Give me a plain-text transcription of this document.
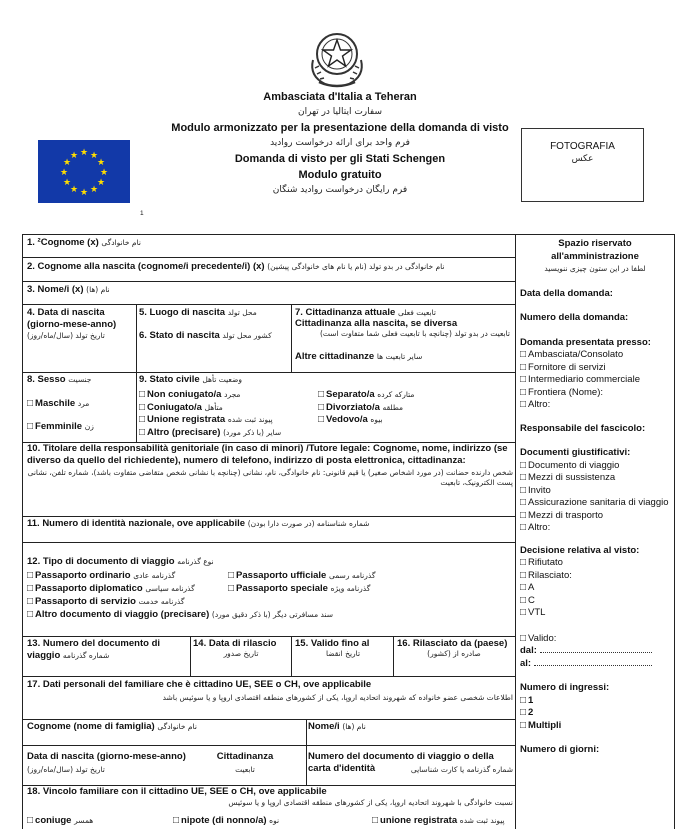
Ambasciata d'Italia a Teheran
سفارت ایتالیا در تهران
Modulo armonizzato per la presentazione della domanda di visto
فرم واحد برای ارائه درخواست روادید
Domanda di visto per gli Stati Schengen
Modulo gratuito
فرم رایگان درخواست روادید شنگان
1
★ ★
★
★
★
★
★
★
★
★
★
★
FOTOGRAFIA
عکس
1. ²Cognome (x) نام خانوادگی
2. Cognome alla nascita (cognome/i precedente/i) (x) نام خانوادگی در بدو تولد (نام یا نام های خانوادگی پیشین)
3. Nome/i (x) نام (ها)
4. Data di nascita (giorno-mese-anno)
تاریخ تولد (سال/ماه/روز)
5. Luogo di nascita محل تولد
6. Stato di nascita کشور محل تولد
7. Cittadinanza attuale تابعیت فعلی
Cittadinanza alla nascita, se diversa
تابعیت در بدو تولد (چنانچه با تابعیت فعلی شما متفاوت است)
Altre cittadinanze سایر تابعیت ها
8. Sesso جنسیت
□ Maschile مرد
□ Femminile زن
9. Stato civile وضعیت تأهل
□ Non coniugato/a مجرد
□ Coniugato/a متأهل
□ Unione registrata پیوند ثبت شده
□ Altro (precisare) سایر (با ذکر مورد)
□ Separato/a متارکه کرده
□ Divorziato/a مطلقه
□ Vedovo/a بیوه
10. Titolare della responsabilità genitoriale (in caso di minori) /Tutore legale: Cognome, nome, indirizzo (se diverso da quello del richiedente), numero di telefono, indirizzo di posta elettronica, cittadinanza:
شخص دارنده حضانت (در مورد اشخاص صغیر) یا قیم قانونی: نام خانوادگی، نام، نشانی (چنانچه با نشانی شخص متقاضی متفاوت باشد)، شماره تلفن، نشانی پست الکترونیک، تابعیت
11. Numero di identità nazionale, ove applicabile شماره شناسنامه (در صورت دارا بودن)
12. Tipo di documento di viaggio نوع گذرنامه
□ Passaporto ordinario گذرنامه عادی
□ Passaporto diplomatico گذرنامه سیاسی
□ Passaporto di servizio گذرنامه خدمت
□ Altro documento di viaggio (precisare) سند مسافرتی دیگر (با ذکر دقیق مورد)
□ Passaporto ufficiale گذرنامه رسمی
□ Passaporto speciale گذرنامه ویژه
13. Numero del documento di viaggio شماره گذرنامه
14. Data di rilascio
تاریخ صدور
15. Valido fino al
تاریخ انقضا
16. Rilasciato da (paese)
صادره از (کشور)
17. Dati personali del familiare che è cittadino UE, SEE o CH, ove applicabile
اطلاعات شخصی عضو خانواده که شهروند اتحادیه اروپا، یکی از کشورهای منطقه اقتصادی اروپا و یا سوئیس باشد
Cognome (nome di famiglia) نام خانوادگی	Nome/i نام (ها)
Data di nascita (giorno-mese-anno)
تاریخ تولد (سال/ماه/روز)
Cittadinanza
تابعیت
Numero del documento di viaggio o della carta d'identità	شماره گذرنامه یا کارت شناسایی
18. Vincolo familiare con il cittadino UE, SEE o CH, ove applicabile
نسبت خانوادگی با شهروند اتحادیه اروپا، یکی از کشورهای منطقه اقتصادی اروپا و یا سوئیس
□ coniuge همسر	□ nipote (di nonno/a) نوه	□ unione registrata پیوند ثبت شده

Spazio riservato

all'amministrazione

لطفا در این ستون چیزی ننویسید

Data della domanda:

Numero della domanda:

Domanda presentata presso:

□ Ambasciata/Consolato

□ Fornitore di servizi

□ Intermediario commerciale

□ Frontiera (Nome):

□ Altro:

Responsabile del fascicolo:

Documenti giustificativi:

□ Documento di viaggio

□ Mezzi di sussistenza

□ Invito

□ Assicurazione sanitaria di viaggio

□ Mezzi di trasporto

□ Altro:

Decisione relativa al visto:

□ Rifiutato

□ Rilasciato:

□ A

□ C

□ VTL

□ Valido:

dal:

al:

Numero di ingressi:

□ 1

□ 2

□ Multipli

Numero di giorni:
